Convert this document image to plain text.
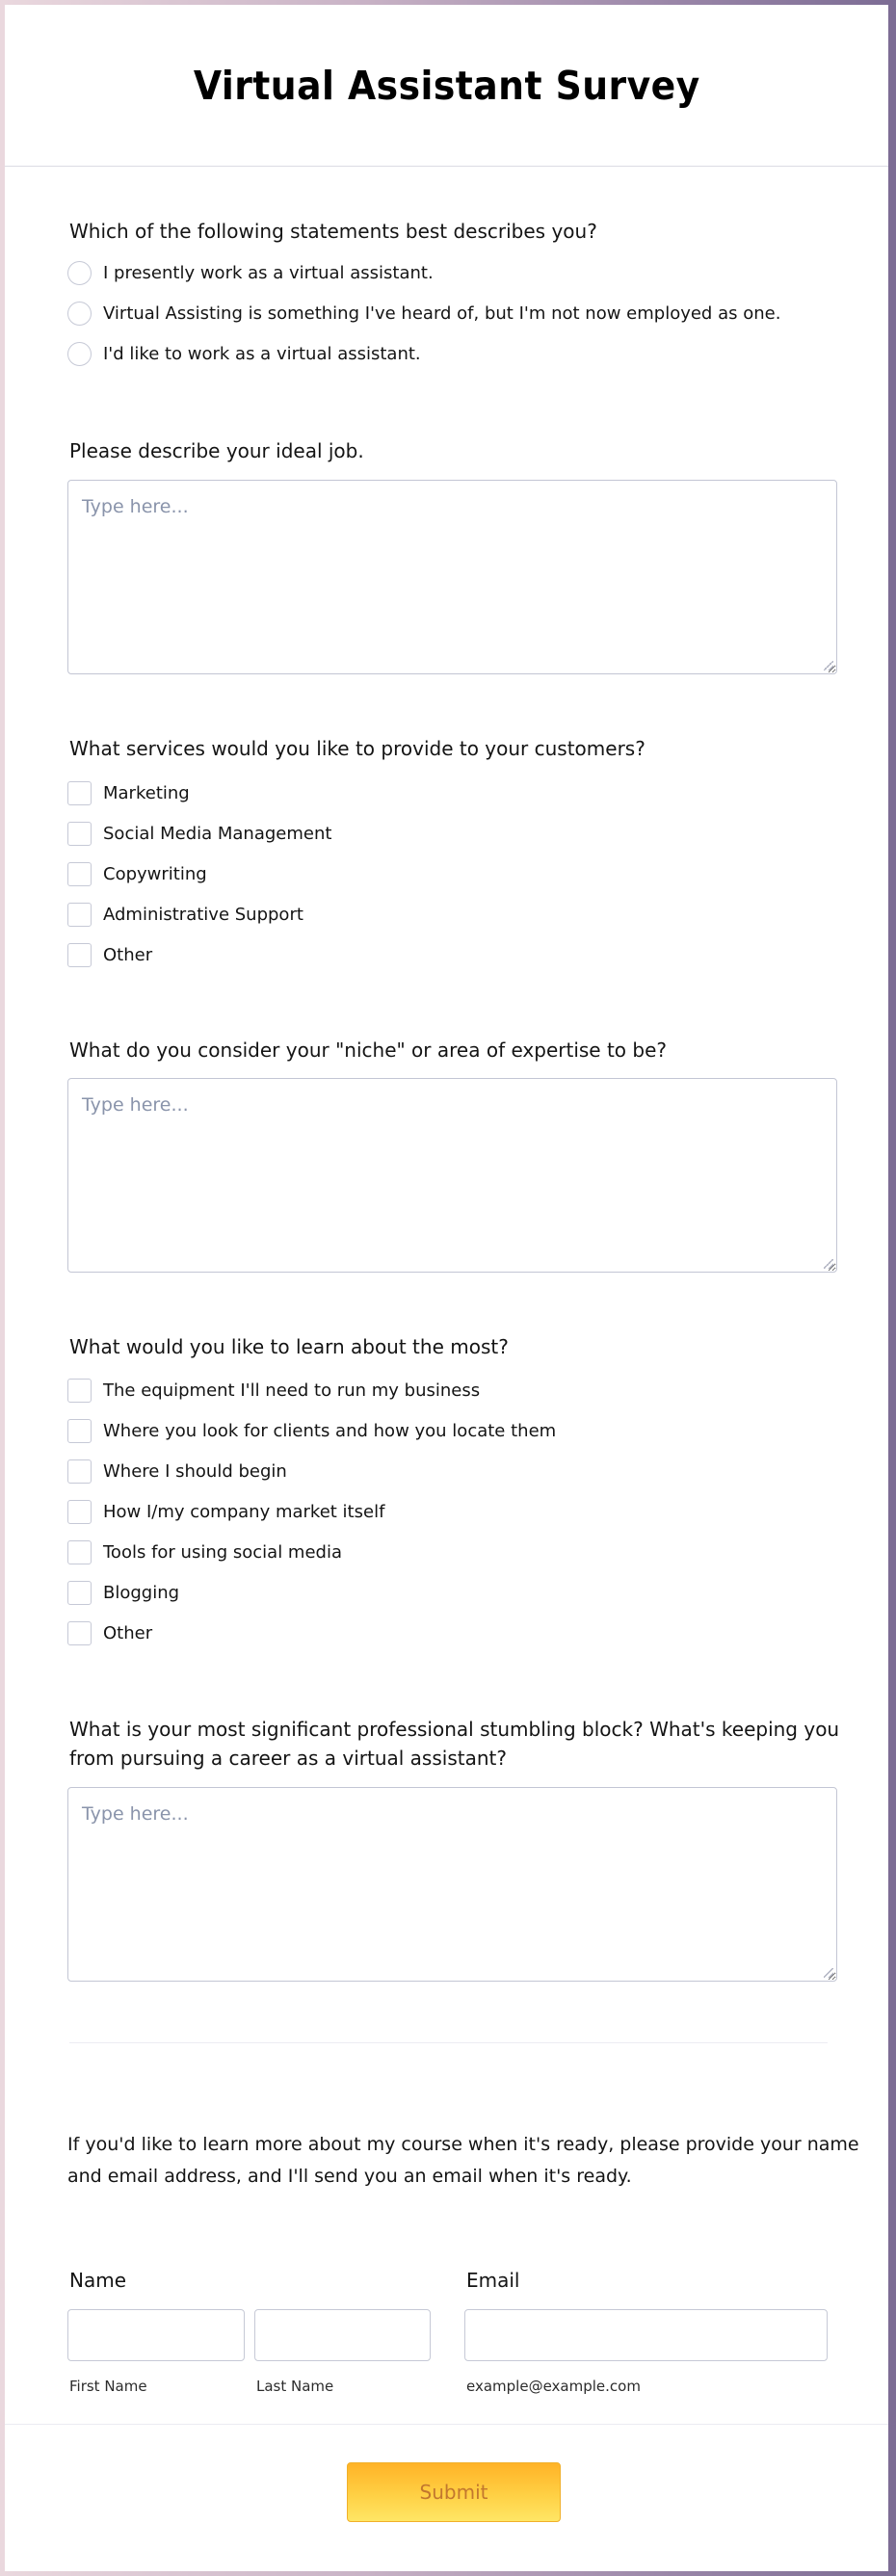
Virtual Assistant Survey
Which of the following statements best describes you?
I presently work as a virtual assistant.
Virtual Assisting is something I've heard of, but I'm not now employed as one.
I'd like to work as a virtual assistant.
Please describe your ideal job.
Type here...
What services would you like to provide to your customers?
Marketing
Social Media Management
Copywriting
Administrative Support
Other
What do you consider your "niche" or area of expertise to be?
Type here...
What would you like to learn about the most?
The equipment I'll need to run my business
Where you look for clients and how you locate them
Where I should begin
How I/my company market itself
Tools for using social media
Blogging
Other
What is your most significant professional stumbling block? What's keeping you
from pursuing a career as a virtual assistant?
Type here...
If you'd like to learn more about my course when it's ready, please provide your name
and email address, and I'll send you an email when it's ready.
Name
First Name	Last Name
Email
example@example.com
Submit
